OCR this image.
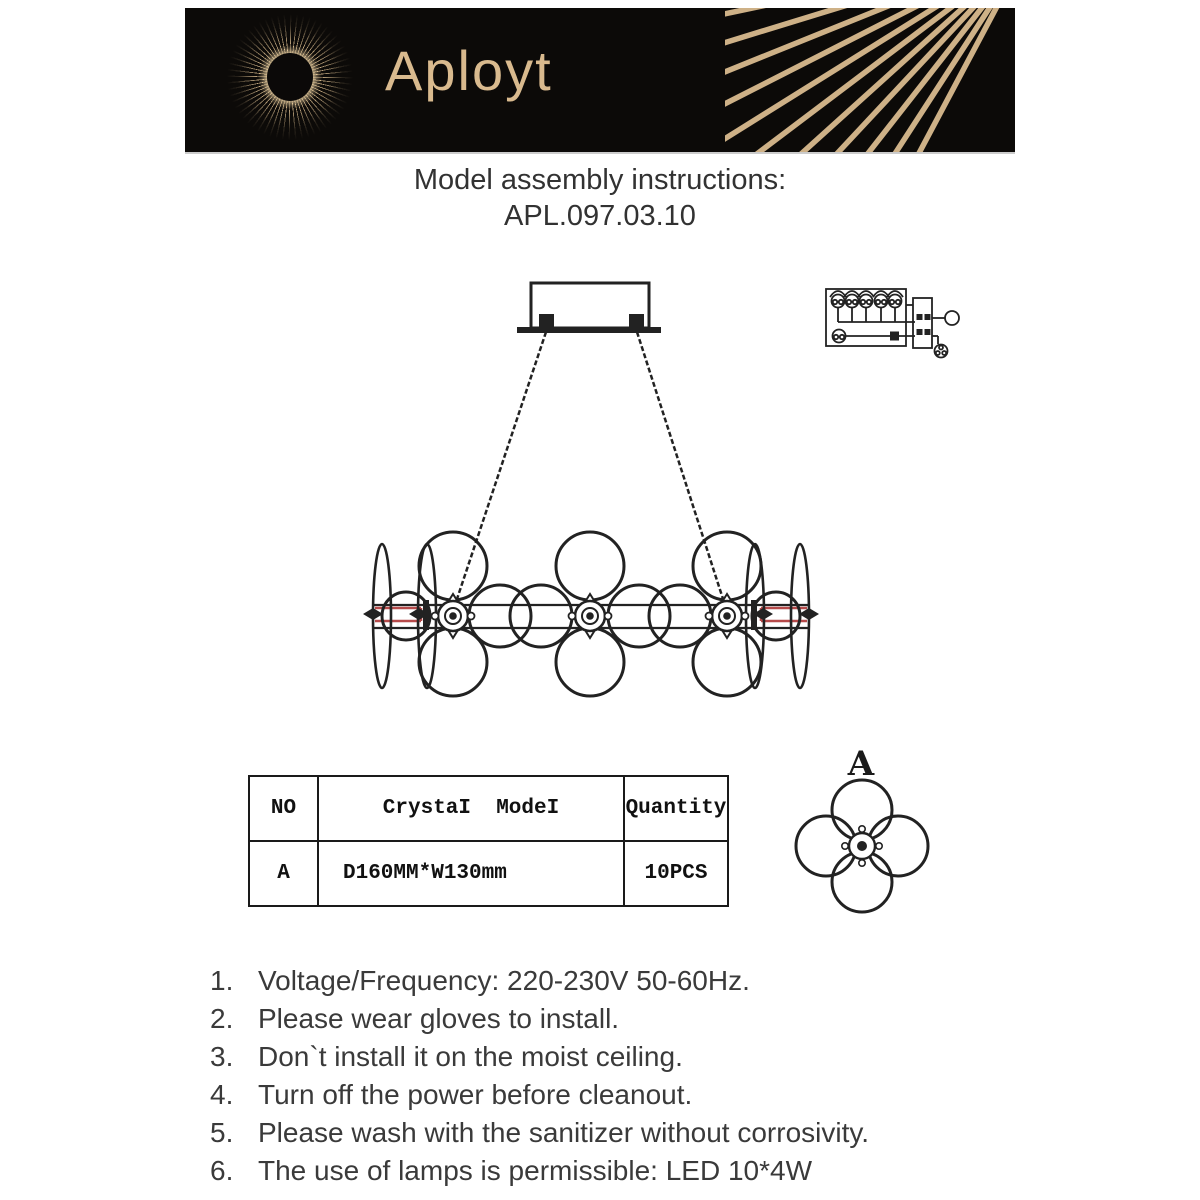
Aployt
Model assembly instructions:
APL.097.03.10
A
NO	CrystaI  ModeI	Quantity
A	D160MM*W130mm	10PCS
1. Voltage/Frequency: 220-230V 50-60Hz.
2. Please wear gloves to install.
3. Don`t install it on the moist ceiling.
4. Turn off the power before cleanout.
5. Please wash with the sanitizer without corrosivity.
6. The use of lamps is permissible: LED 10*4W
